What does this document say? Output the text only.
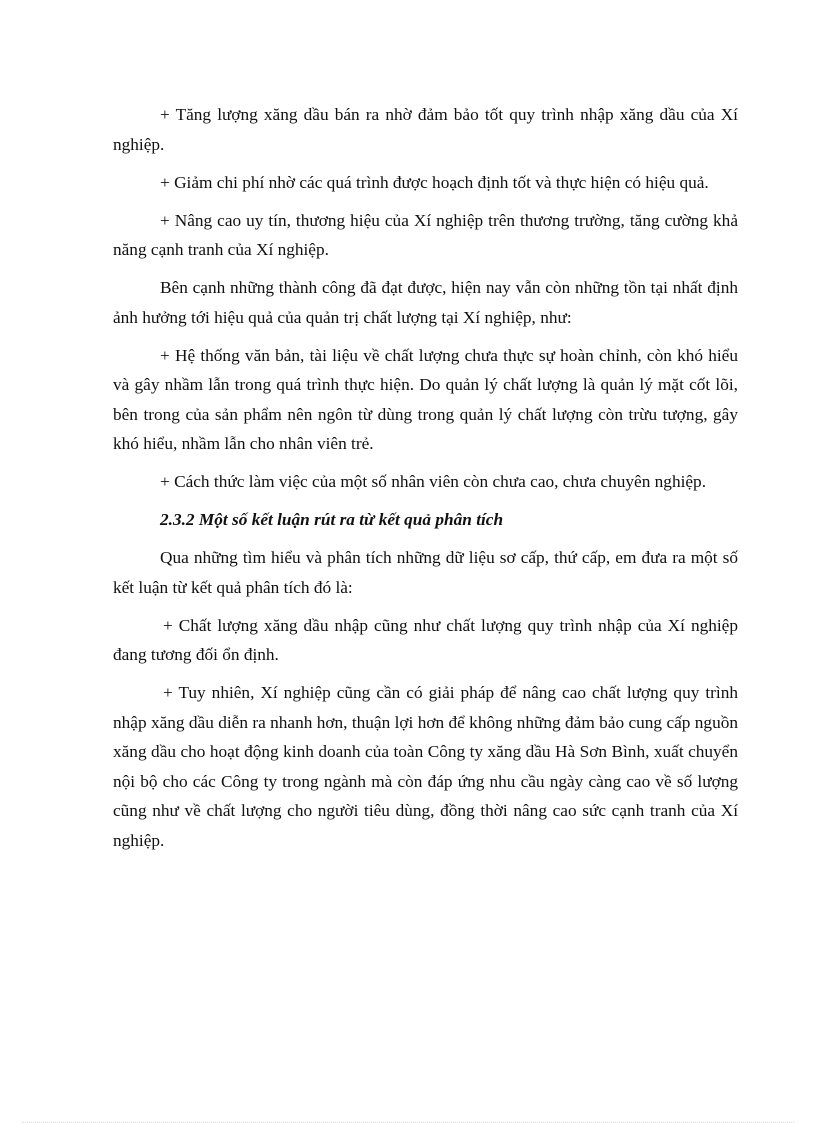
+ Tăng lượng xăng dầu bán ra nhờ đảm bảo tốt quy trình nhập xăng dầu của Xí nghiệp.

+ Giảm chi phí nhờ các quá trình được hoạch định tốt và thực hiện có hiệu quả.

+ Nâng cao uy tín, thương hiệu của Xí nghiệp trên thương trường, tăng cường khả năng cạnh tranh của Xí nghiệp.

Bên cạnh những thành công đã đạt được, hiện nay vẫn còn những tồn tại nhất định ảnh hưởng tới hiệu quả của quản trị chất lượng tại Xí nghiệp, như:

+ Hệ thống văn bản, tài liệu về chất lượng chưa thực sự hoàn chỉnh, còn khó hiểu và gây nhầm lẫn trong quá trình thực hiện. Do quản lý chất lượng là quản lý mặt cốt lõi, bên trong của sản phẩm nên ngôn từ dùng trong quản lý chất lượng còn trừu tượng, gây khó hiểu, nhầm lẫn cho nhân viên trẻ.

+ Cách thức làm việc của một số nhân viên còn chưa cao, chưa chuyên nghiệp.

2.3.2 Một số kết luận rút ra từ kết quả phân tích

Qua những tìm hiểu và phân tích những dữ liệu sơ cấp, thứ cấp, em đưa ra một số kết luận từ kết quả phân tích đó là:

+ Chất lượng xăng dầu nhập cũng như chất lượng quy trình nhập của Xí nghiệp đang tương đối ổn định.

+ Tuy nhiên, Xí nghiệp cũng cần có giải pháp để nâng cao chất lượng quy trình nhập xăng dầu diễn ra nhanh hơn, thuận lợi hơn để không những đảm bảo cung cấp nguồn xăng dầu cho hoạt động kinh doanh của toàn Công ty xăng dầu Hà Sơn Bình, xuất chuyển nội bộ cho các Công ty trong ngành mà còn đáp ứng nhu cầu ngày càng cao về số lượng cũng như về chất lượng cho người tiêu dùng, đồng thời nâng cao sức cạnh tranh của Xí nghiệp.
